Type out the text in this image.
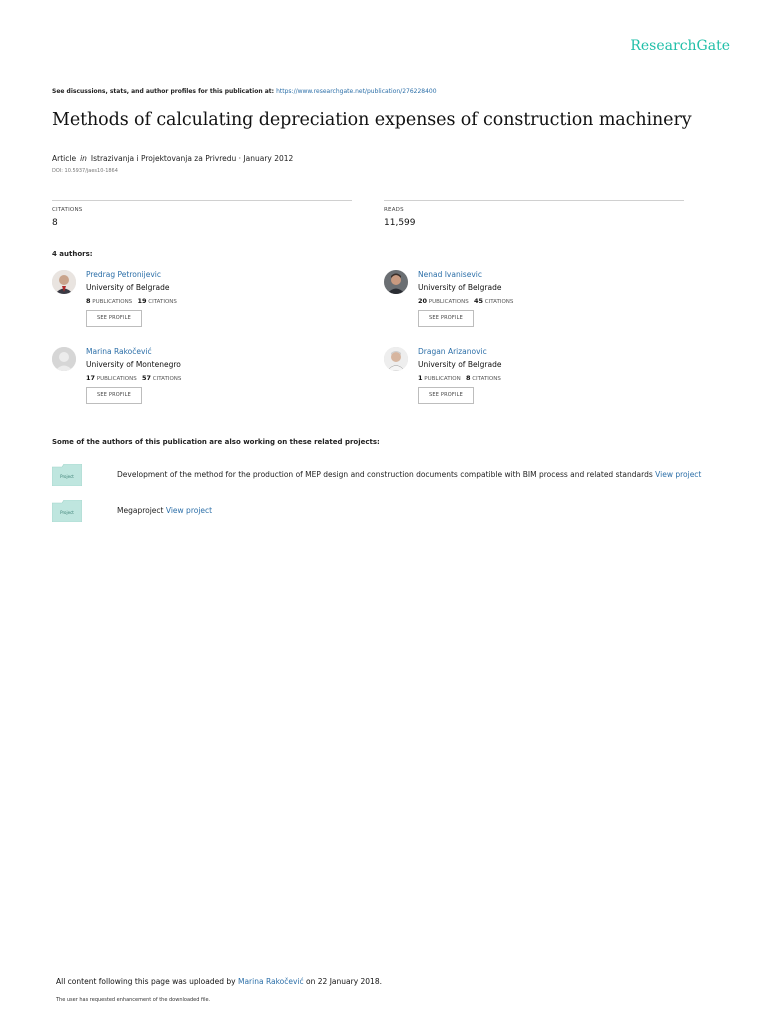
ResearchGate
See discussions, stats, and author profiles for this publication at: https://www.researchgate.net/publication/276228400
Methods of calculating depreciation expenses of construction machinery
Article in Istrazivanja i Projektovanja za Privredu · January 2012
DOI: 10.5937/jaes10-1864
CITATIONS
8
READS
11,599
4 authors:
Predrag Petronijevic
University of Belgrade
8 PUBLICATIONS 19 CITATIONS
SEE PROFILE
Nenad Ivanisevic
University of Belgrade
20 PUBLICATIONS 45 CITATIONS
SEE PROFILE
Marina Rakočević
University of Montenegro
17 PUBLICATIONS 57 CITATIONS
SEE PROFILE
Dragan Arizanovic
University of Belgrade
1 PUBLICATION 8 CITATIONS
SEE PROFILE
Some of the authors of this publication are also working on these related projects:
Project	Development of the method for the production of MEP design and construction documents compatible with BIM process and related standards View project
Project	Megaproject View project
All content following this page was uploaded by Marina Rakočević on 22 January 2018.
The user has requested enhancement of the downloaded file.
